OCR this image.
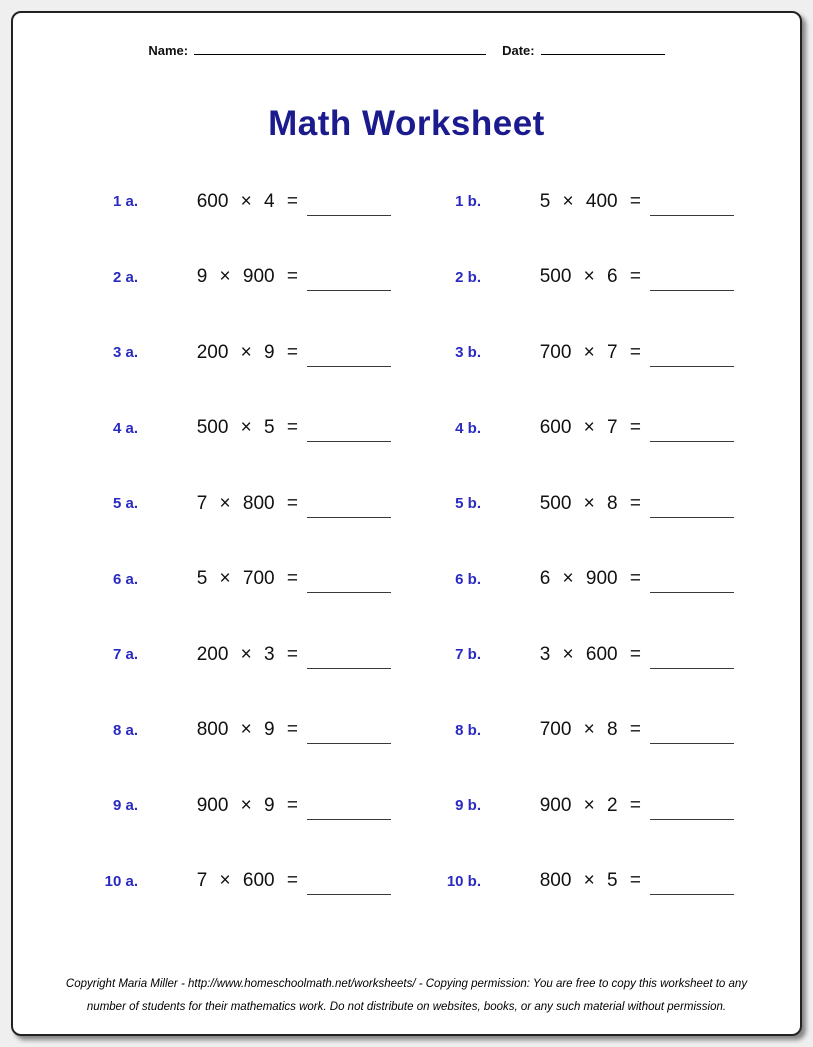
Name:	Date:
Math Worksheet
1 a.	600 × 4 =	1 b.	5 × 400 =
2 a.	9 × 900 =	2 b.	500 × 6 =
3 a.	200 × 9 =	3 b.	700 × 7 =
4 a.	500 × 5 =	4 b.	600 × 7 =
5 a.	7 × 800 =	5 b.	500 × 8 =
6 a.	5 × 700 =	6 b.	6 × 900 =
7 a.	200 × 3 =	7 b.	3 × 600 =
8 a.	800 × 9 =	8 b.	700 × 8 =
9 a.	900 × 9 =	9 b.	900 × 2 =
10 a.	7 × 600 =	10 b.	800 × 5 =
Copyright Maria Miller - http://www.homeschoolmath.net/worksheets/ - Copying permission: You are free to copy this worksheet to any
number of students for their mathematics work. Do not distribute on websites, books, or any such material without permission.
